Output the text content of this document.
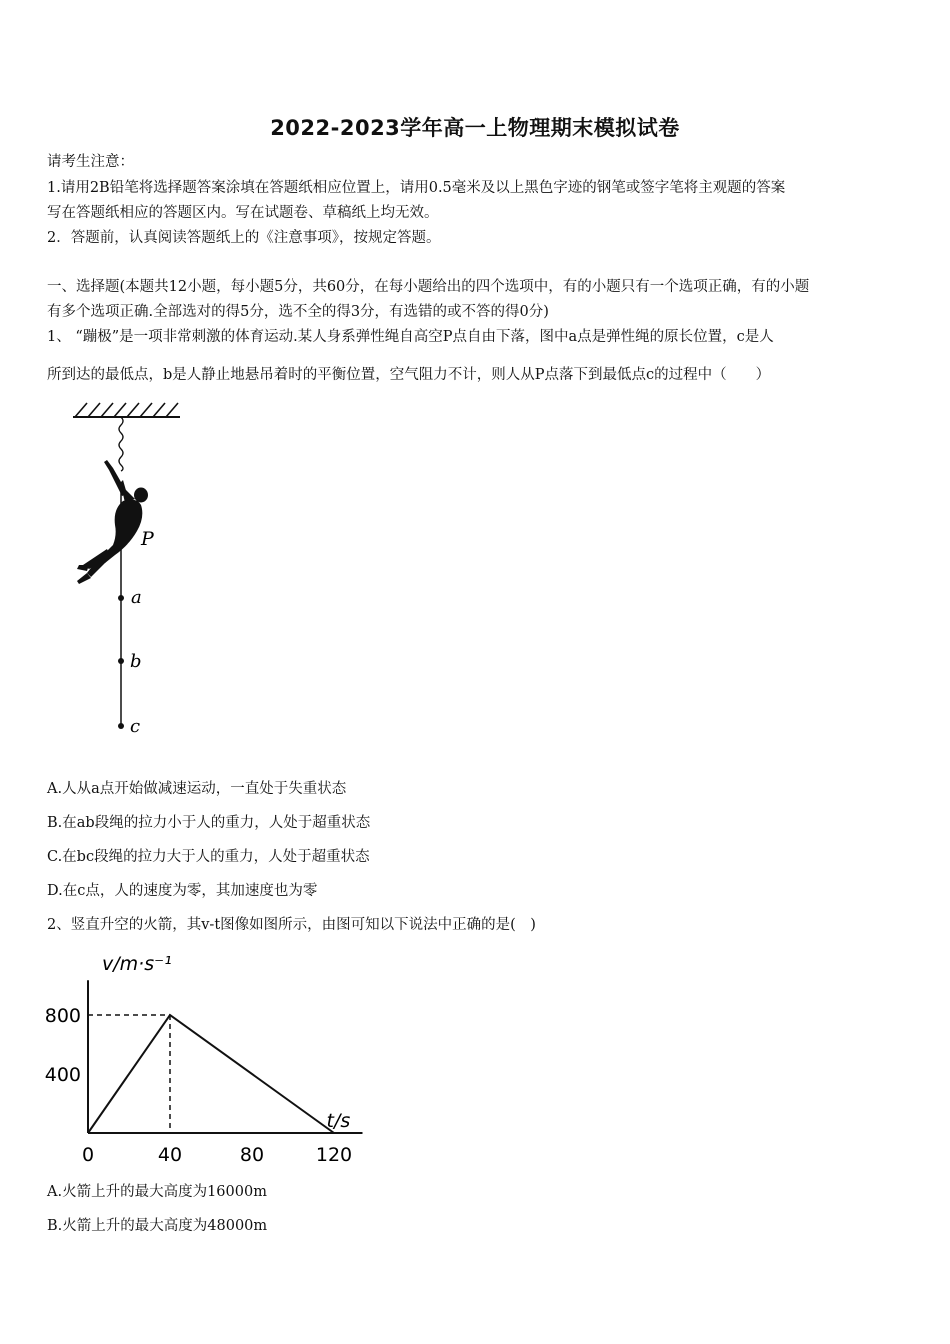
2022-2023学年高一上物理期末模拟试卷
请考生注意：
1.请用2B铅笔将选择题答案涂填在答题纸相应位置上，请用0.5毫米及以上黑色字迹的钢笔或签字笔将主观题的答案
写在答题纸相应的答题区内。写在试题卷、草稿纸上均无效。
2．答题前，认真阅读答题纸上的《注意事项》，按规定答题。
一、选择题(本题共12小题，每小题5分，共60分，在每小题给出的四个选项中，有的小题只有一个选项正确，有的小题
有多个选项正确.全部选对的得5分，选不全的得3分，有选错的或不答的得0分)
1、 “蹦极”是一项非常刺激的体育运动.某人身系弹性绳自高空P点自由下落，图中a点是弹性绳的原长位置，c是人
所到达的最低点，b是人静止地悬吊着时的平衡位置，空气阻力不计，则人从P点落下到最低点c的过程中（　　）
P
a
b
c
A.人从a点开始做减速运动，一直处于失重状态
B.在ab段绳的拉力小于人的重力，人处于超重状态
C.在bc段绳的拉力大于人的重力，人处于超重状态
D.在c点，人的速度为零，其加速度也为零
2、竖直升空的火箭，其v-t图像如图所示，由图可知以下说法中正确的是(　)
v/m·s⁻¹
t/s
0	40	80	120
400
800
A.火箭上升的最大高度为16000m
B.火箭上升的最大高度为48000m
